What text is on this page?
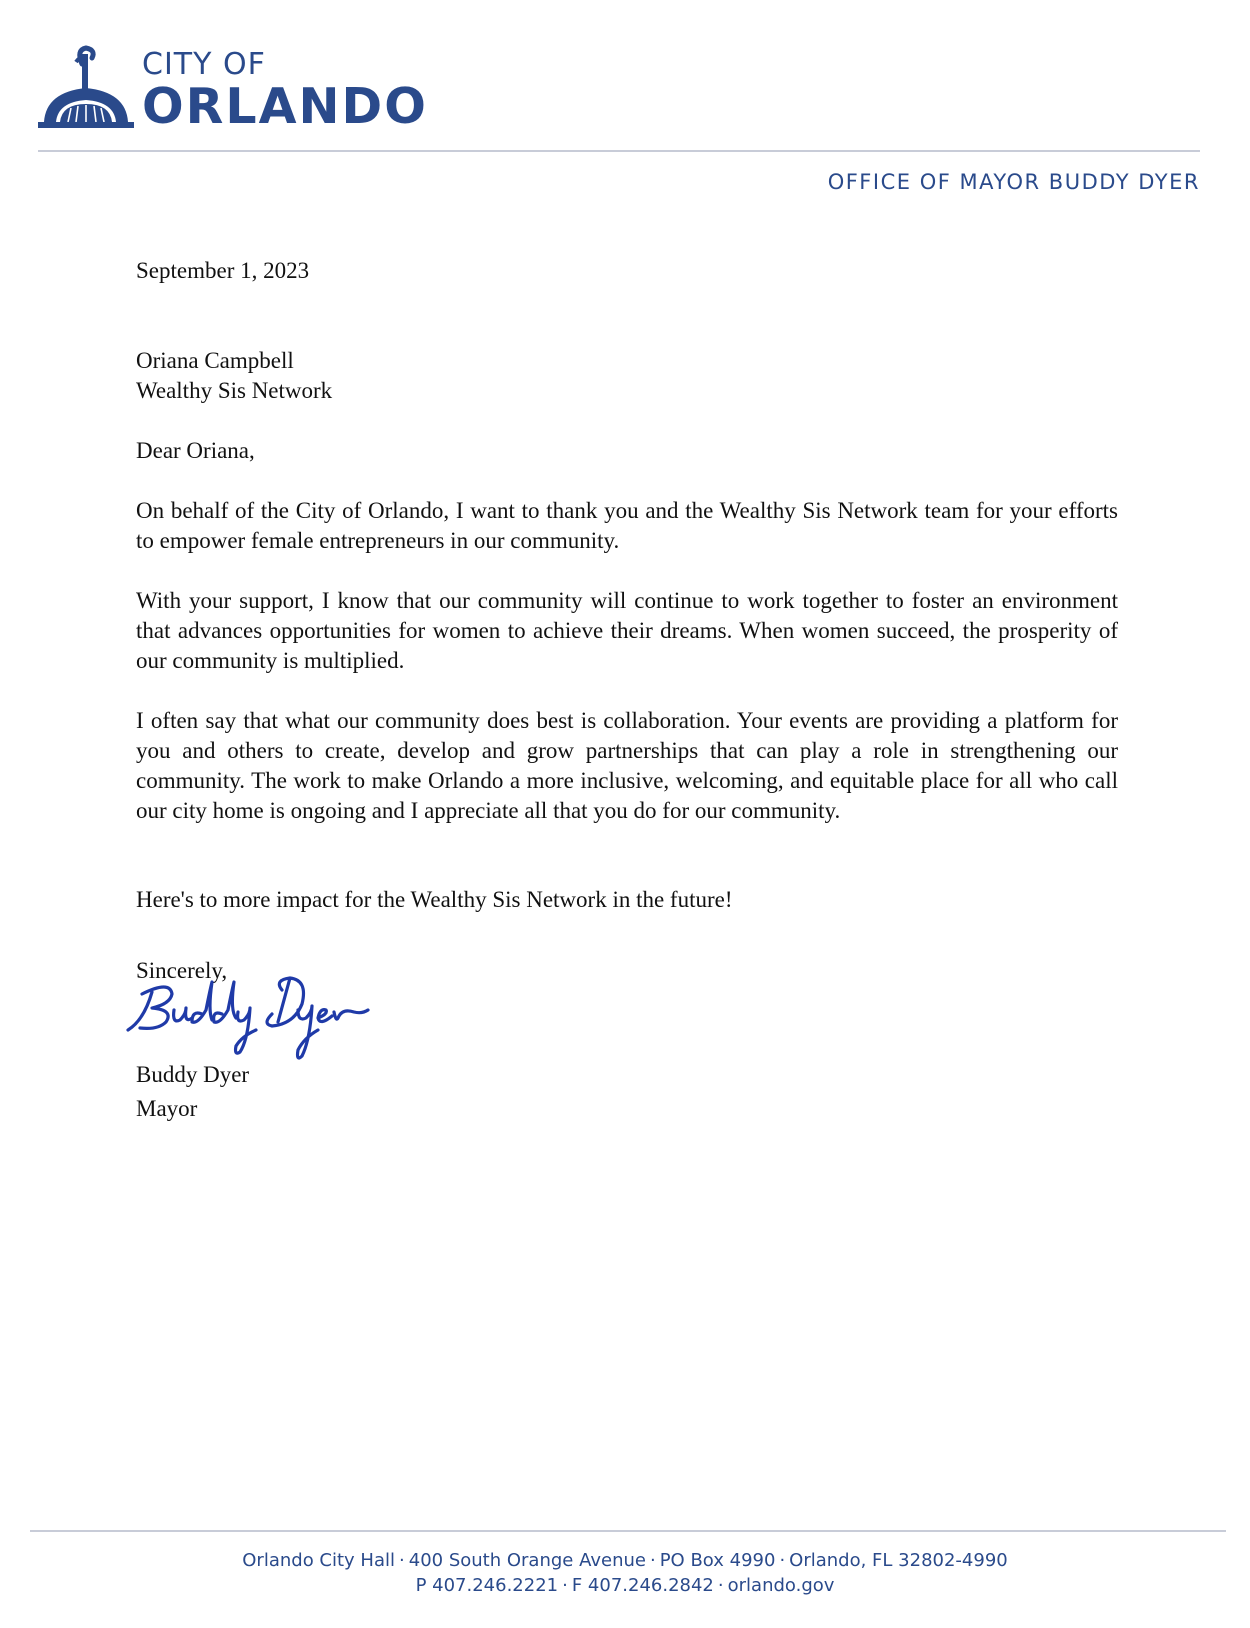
CITY OF
ORLANDO
OFFICE OF MAYOR BUDDY DYER
September 1, 2023
Oriana Campbell
Wealthy Sis Network
Dear Oriana,

On behalf of the City of Orlando, I want to thank you and the Wealthy Sis Network team for your efforts to empower female entrepreneurs in our community.

With your support, I know that our community will continue to work together to foster an environment that advances opportunities for women to achieve their dreams. When women succeed, the prosperity of our community is multiplied.

I often say that what our community does best is collaboration. Your events are providing a platform for you and others to create, develop and grow partnerships that can play a role in strengthening our community. The work to make Orlando a more inclusive, welcoming, and equitable place for all who call our city home is ongoing and I appreciate all that you do for our community.

Here's to more impact for the Wealthy Sis Network in the future!

Sincerely,
Buddy Dyer
Mayor
Orlando City Hall · 400 South Orange Avenue · PO Box 4990 · Orlando, FL 32802-4990
P 407.246.2221 · F 407.246.2842 · orlando.gov
